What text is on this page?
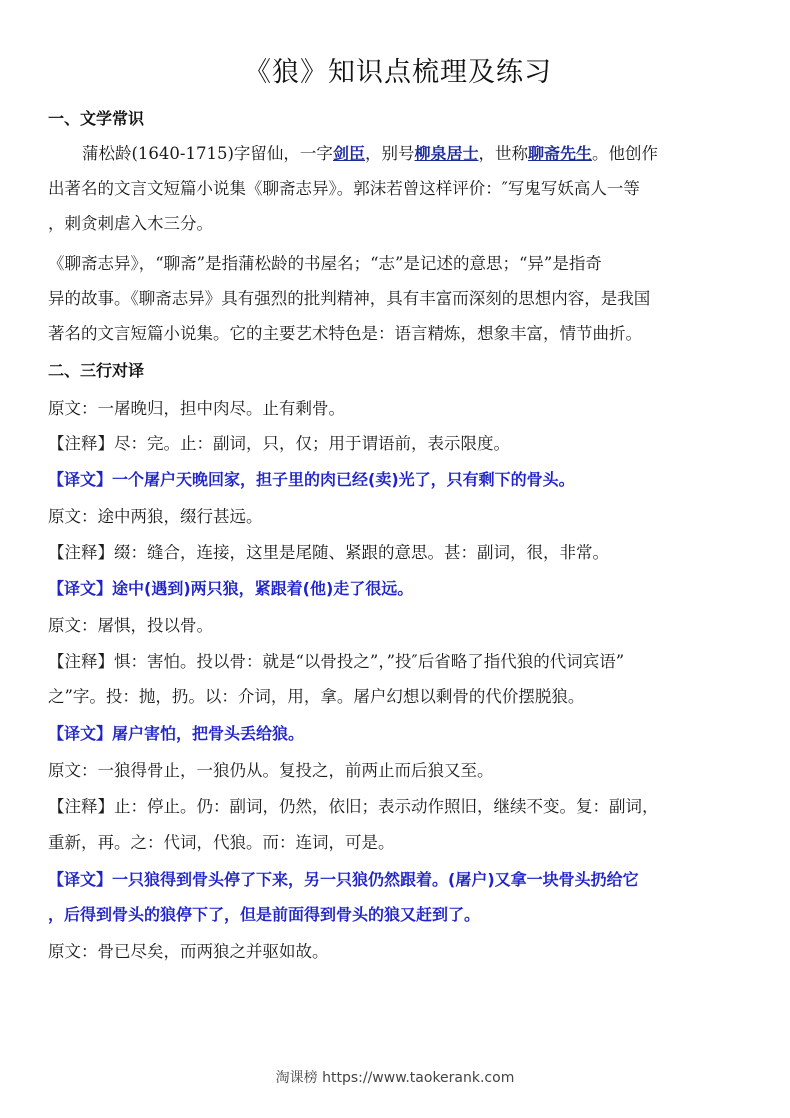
《狼》知识点梳理及练习
一、文学常识
蒲松龄(1640-1715)字留仙，一字剑臣，别号柳泉居士，世称聊斋先生。他创作
出著名的文言文短篇小说集《聊斋志异》。郭沫若曾这样评价：″写鬼写妖高人一等
，刺贪刺虐入木三分。
《聊斋志异》，“聊斋”是指蒲松龄的书屋名；“志”是记述的意思；“异”是指奇
异的故事。《聊斋志异》具有强烈的批判精神，具有丰富而深刻的思想内容，是我国
著名的文言短篇小说集。它的主要艺术特色是：语言精炼，想象丰富，情节曲折。
二、三行对译
原文：一屠晚归，担中肉尽。止有剩骨。
【注释】尽：完。止：副词，只，仅；用于谓语前，表示限度。
【译文】一个屠户天晚回家，担子里的肉已经(卖)光了，只有剩下的骨头。
原文：途中两狼，缀行甚远。
【注释】缀：缝合，连接，这里是尾随、紧跟的意思。甚：副词，很，非常。
【译文】途中(遇到)两只狼，紧跟着(他)走了很远。
原文：屠惧，投以骨。
【注释】惧：害怕。投以骨：就是“以骨投之”，”投″后省略了指代狼的代词宾语”
之”字。投：抛，扔。以：介词，用，拿。屠户幻想以剩骨的代价摆脱狼。
【译文】屠户害怕，把骨头丢给狼。
原文：一狼得骨止，一狼仍从。复投之，前两止而后狼又至。
【注释】止：停止。仍：副词，仍然，依旧；表示动作照旧，继续不变。复：副词，
重新，再。之：代词，代狼。而：连词，可是。
【译文】一只狼得到骨头停了下来，另一只狼仍然跟着。(屠户)又拿一块骨头扔给它
，后得到骨头的狼停下了，但是前面得到骨头的狼又赶到了。
原文：骨已尽矣，而两狼之并驱如故。
淘课榜 https://www.taokerank.com
